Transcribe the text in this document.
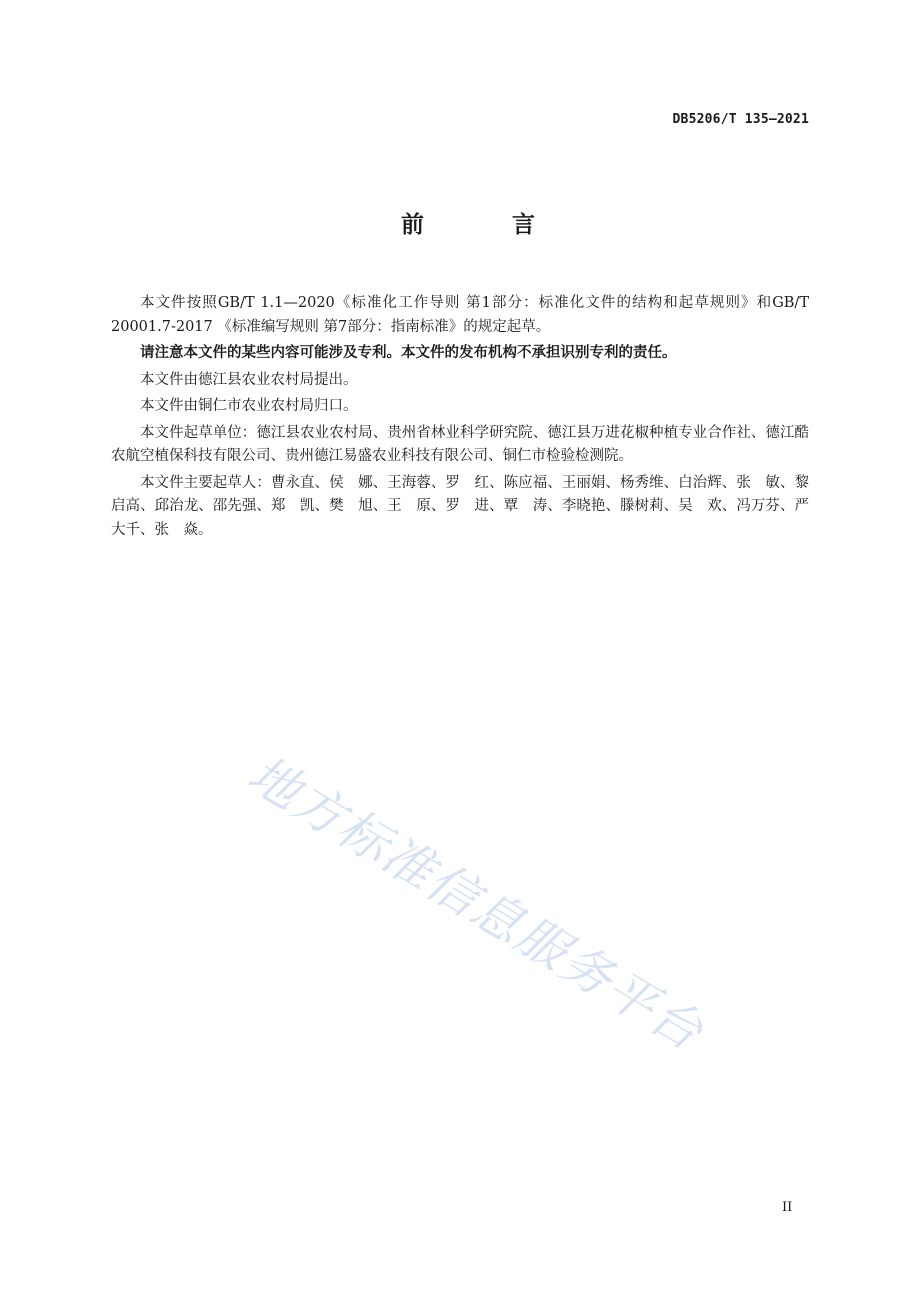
DB5206/T 135—2021
前 言

本文件按照GB/T 1.1—2020《标准化工作导则 第1部分：标准化文件的结构和起草规则》和GB/T 20001.7-2017 《标准编写规则 第7部分：指南标准》的规定起草。

请注意本文件的某些内容可能涉及专利。本文件的发布机构不承担识别专利的责任。

本文件由德江县农业农村局提出。

本文件由铜仁市农业农村局归口。

本文件起草单位：德江县农业农村局、贵州省林业科学研究院、德江县万进花椒种植专业合作社、德江酷农航空植保科技有限公司、贵州德江易盛农业科技有限公司、铜仁市检验检测院。

本文件主要起草人：曹永直、侯　娜、王海蓉、罗　红、陈应福、王丽娟、杨秀维、白治辉、张　敏、黎启高、邱治龙、邵先强、郑　凯、樊　旭、王　原、罗　进、覃　涛、李晓艳、滕树莉、吴　欢、冯万芬、严大千、张　焱。

地方标准信息服务平台
II
